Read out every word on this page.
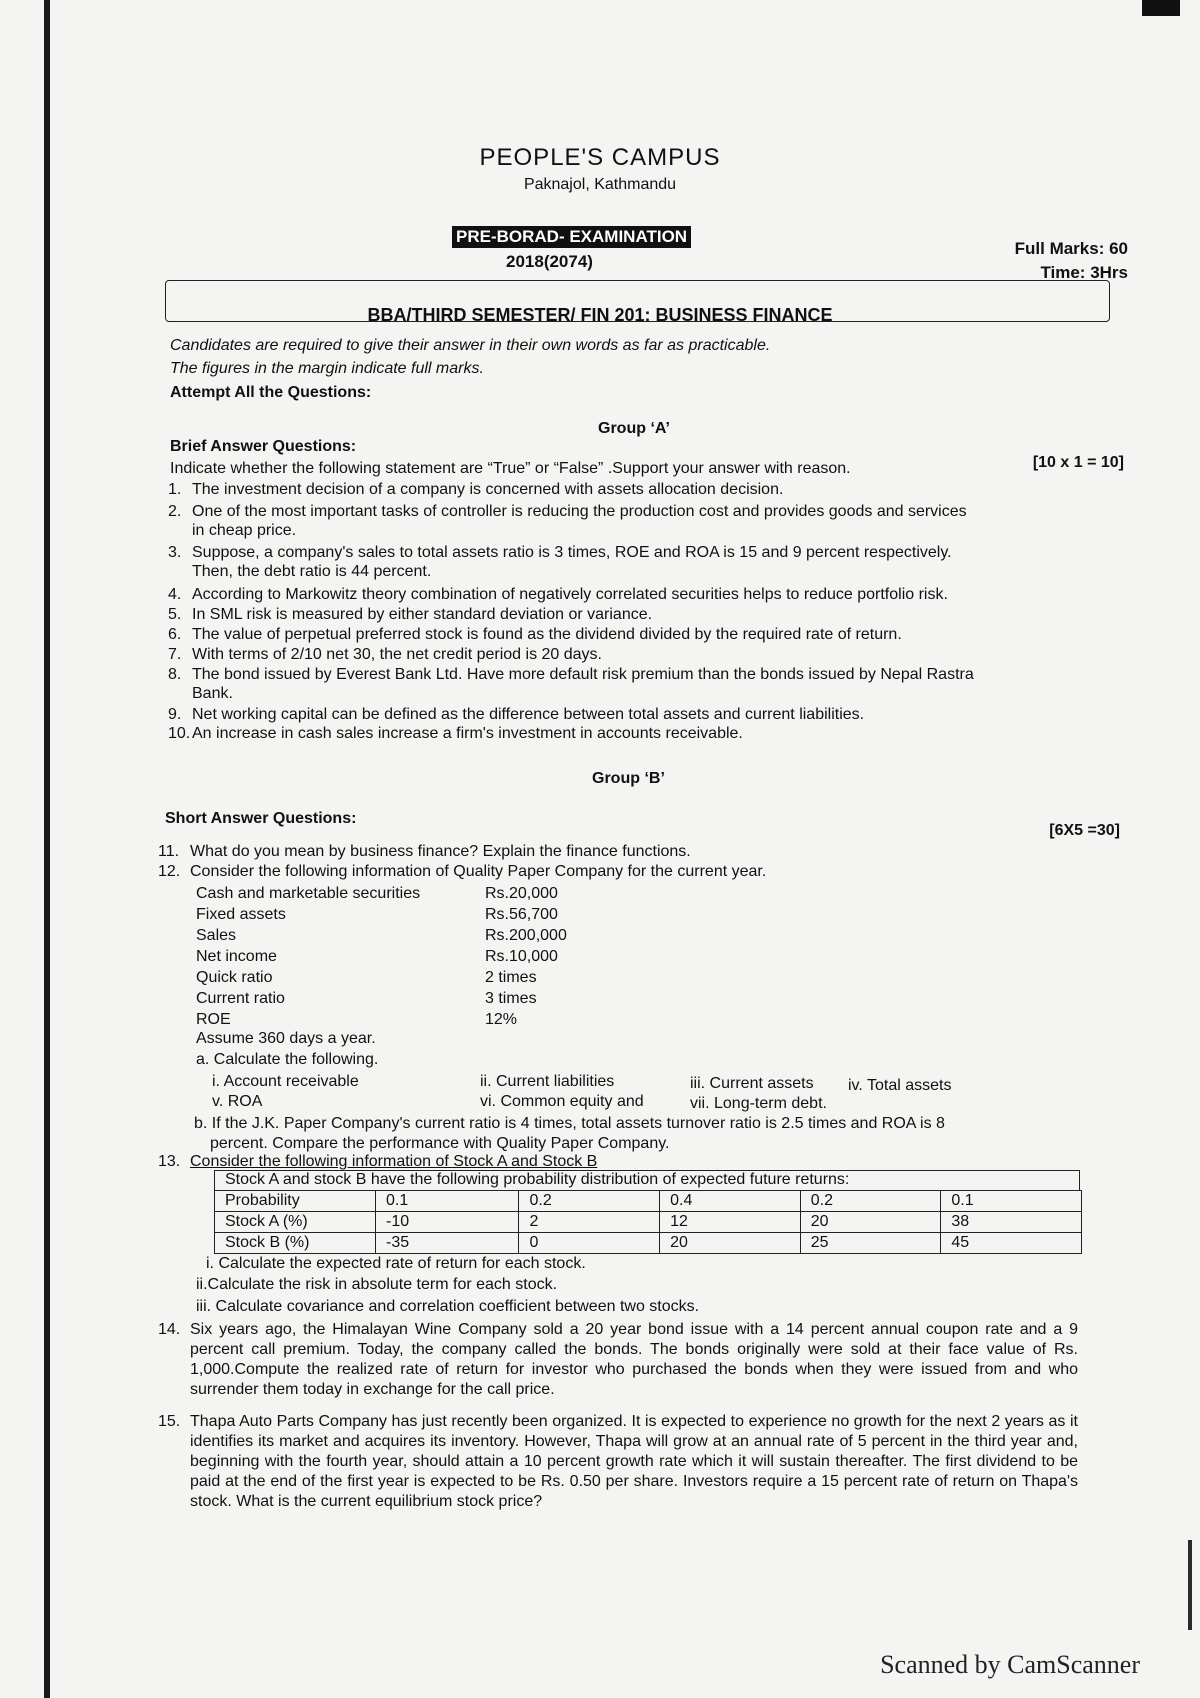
PEOPLE'S CAMPUS
Paknajol, Kathmandu
PRE-BORAD- EXAMINATION
2018(2074)
Full Marks: 60
Time: 3Hrs
BBA/THIRD SEMESTER/ FIN 201: BUSINESS FINANCE
Candidates are required to give their answer in their own words as far as practicable.
The figures in the margin indicate full marks.
Attempt All the Questions:
Group ‘A’
Brief Answer Questions:
[10 x 1 = 10]
Indicate whether the following statement are “True” or “False” .Support your answer with reason.
1. The investment decision of a company is concerned with assets allocation decision.
2. One of the most important tasks of controller is reducing the production cost and provides goods and services
in cheap price.
3. Suppose, a company's sales to total assets ratio is 3 times, ROE and ROA is 15 and 9 percent respectively.
Then, the debt ratio is 44 percent.
4. According to Markowitz theory combination of negatively correlated securities helps to reduce portfolio risk.
5. In SML risk is measured by either standard deviation or variance.
6. The value of perpetual preferred stock is found as the dividend divided by the required rate of return.
7. With terms of 2/10 net 30, the net credit period is 20 days.
8. The bond issued by Everest Bank Ltd. Have more default risk premium than the bonds issued by Nepal Rastra
Bank.
9. Net working capital can be defined as the difference between total assets and current liabilities.
10. An increase in cash sales increase a firm's investment in accounts receivable.
Group ‘B’
Short Answer Questions:
[6X5 =30]
11. What do you mean by business finance? Explain the finance functions.
12. Consider the following information of Quality Paper Company for the current year.
Cash and marketable securities	Rs.20,000
Fixed assets	Rs.56,700
Sales	Rs.200,000
Net income	Rs.10,000
Quick ratio	2 times
Current ratio	3 times
ROE	12%
Assume 360 days a year.
a. Calculate the following.
i. Account receivable	ii. Current liabilities	iii. Current assets iv. Total assets
v. ROA	vi. Common equity and	vii. Long-term debt.
b. If the J.K. Paper Company's current ratio is 4 times, total assets turnover ratio is 2.5 times and ROA is 8
percent. Compare the performance with Quality Paper Company.
13. Consider the following information of Stock A and Stock B
Stock A and stock B have the following probability distribution of expected future returns:
Probability	0.1	0.2	0.4	0.2	0.1
Stock A (%)	-10	2	12	20	38
Stock B (%)	-35	0	20	25	45
i. Calculate the expected rate of return for each stock.
ii.Calculate the risk in absolute term for each stock.
iii. Calculate covariance and correlation coefficient between two stocks.
14. Six years ago, the Himalayan Wine Company sold a 20 year bond issue with a 14 percent annual coupon rate and a 9 percent call premium. Today, the company called the bonds. The bonds originally were sold at their face value of Rs. 1,000.Compute the realized rate of return for investor who purchased the bonds when they were issued from and who surrender them today in exchange for the call price.
15. Thapa Auto Parts Company has just recently been organized. It is expected to experience no growth for the next 2 years as it identifies its market and acquires its inventory. However, Thapa will grow at an annual rate of 5 percent in the third year and, beginning with the fourth year, should attain a 10 percent growth rate which it will sustain thereafter. The first dividend to be paid at the end of the first year is expected to be Rs. 0.50 per share. Investors require a 15 percent rate of return on Thapa's stock. What is the current equilibrium stock price?
Scanned by CamScanner
